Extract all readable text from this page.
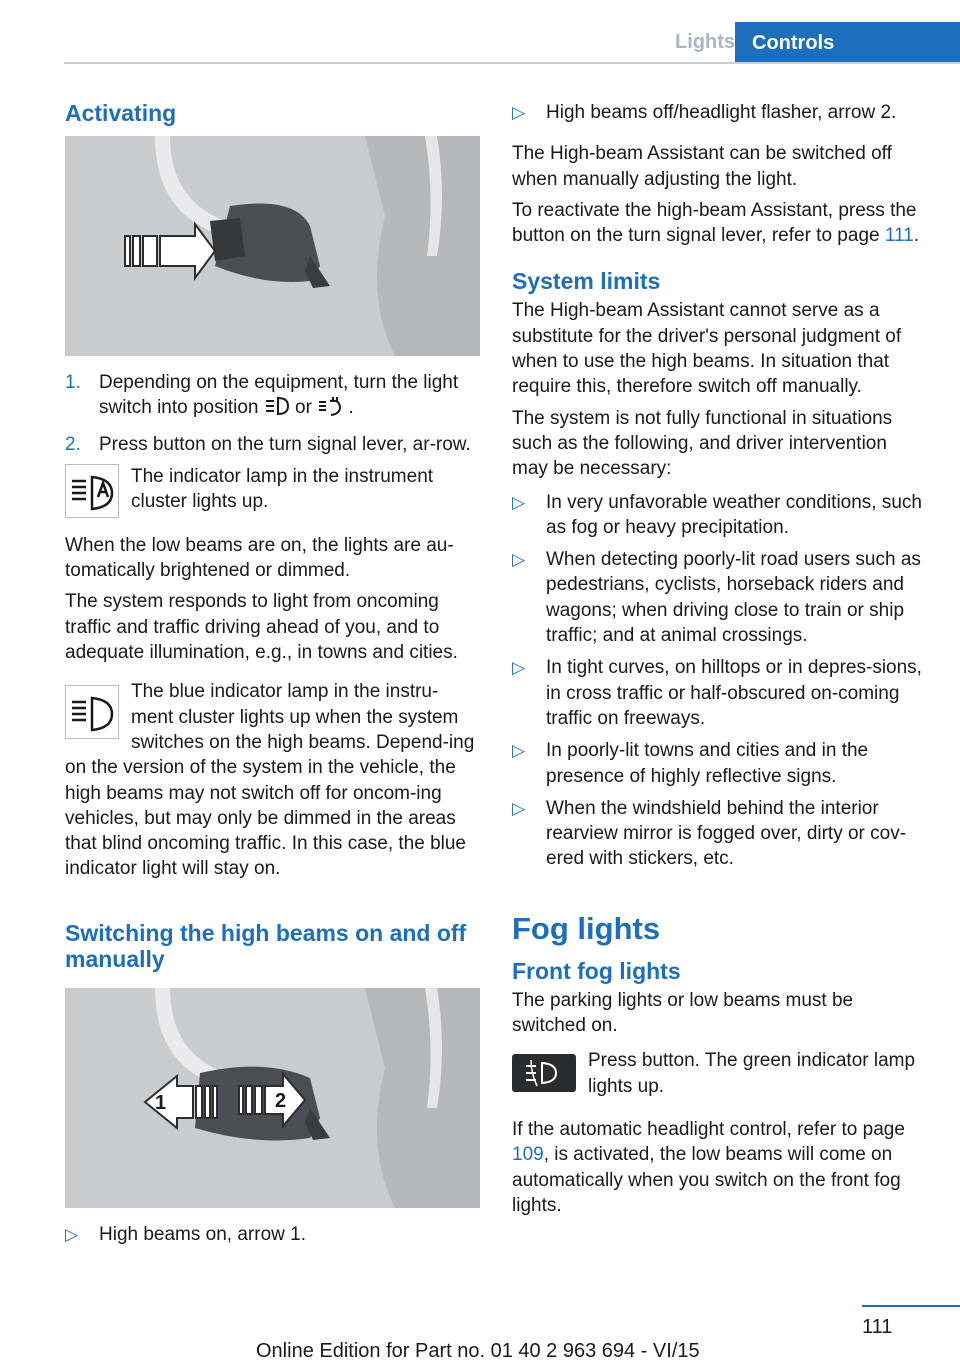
Lights Controls
Activating
1. Depending on the equipment, turn the light switch into position or .
2. Press button on the turn signal lever, ar-row.
The indicator lamp in the instrument cluster lights up.

When the low beams are on, the lights are au-tomatically brightened or dimmed.

The system responds to light from oncoming traffic and traffic driving ahead of you, and to adequate illumination, e.g., in towns and cities.

The blue indicator lamp in the instru-ment cluster lights up when the system switches on the high beams. Depend-ing on the version of the system in the vehicle, the high beams may not switch off for oncom-ing vehicles, but may only be dimmed in the areas that blind oncoming traffic. In this case, the blue indicator light will stay on.

Switching the high beams on and off manually
1	2
▷ High beams on, arrow 1.
▷ High beams off/headlight flasher, arrow 2.

The High-beam Assistant can be switched off when manually adjusting the light.

To reactivate the high-beam Assistant, press the button on the turn signal lever, refer to page 111.

System limits

The High-beam Assistant cannot serve as a substitute for the driver's personal judgment of when to use the high beams. In situation that require this, therefore switch off manually.

The system is not fully functional in situations such as the following, and driver intervention may be necessary:

▷ In very unfavorable weather conditions, such as fog or heavy precipitation.
▷ When detecting poorly-lit road users such as pedestrians, cyclists, horseback riders and wagons; when driving close to train or ship traffic; and at animal crossings.
▷ In tight curves, on hilltops or in depres-sions, in cross traffic or half-obscured on-coming traffic on freeways.
▷ In poorly-lit towns and cities and in the presence of highly reflective signs.
▷ When the windshield behind the interior rearview mirror is fogged over, dirty or cov-ered with stickers, etc.
Fog lights
Front fog lights

The parking lights or low beams must be switched on.

Press button. The green indicator lamp lights up.

If the automatic headlight control, refer to page 109, is activated, the low beams will come on automatically when you switch on the front fog lights.

111
Online Edition for Part no. 01 40 2 963 694 - VI/15
